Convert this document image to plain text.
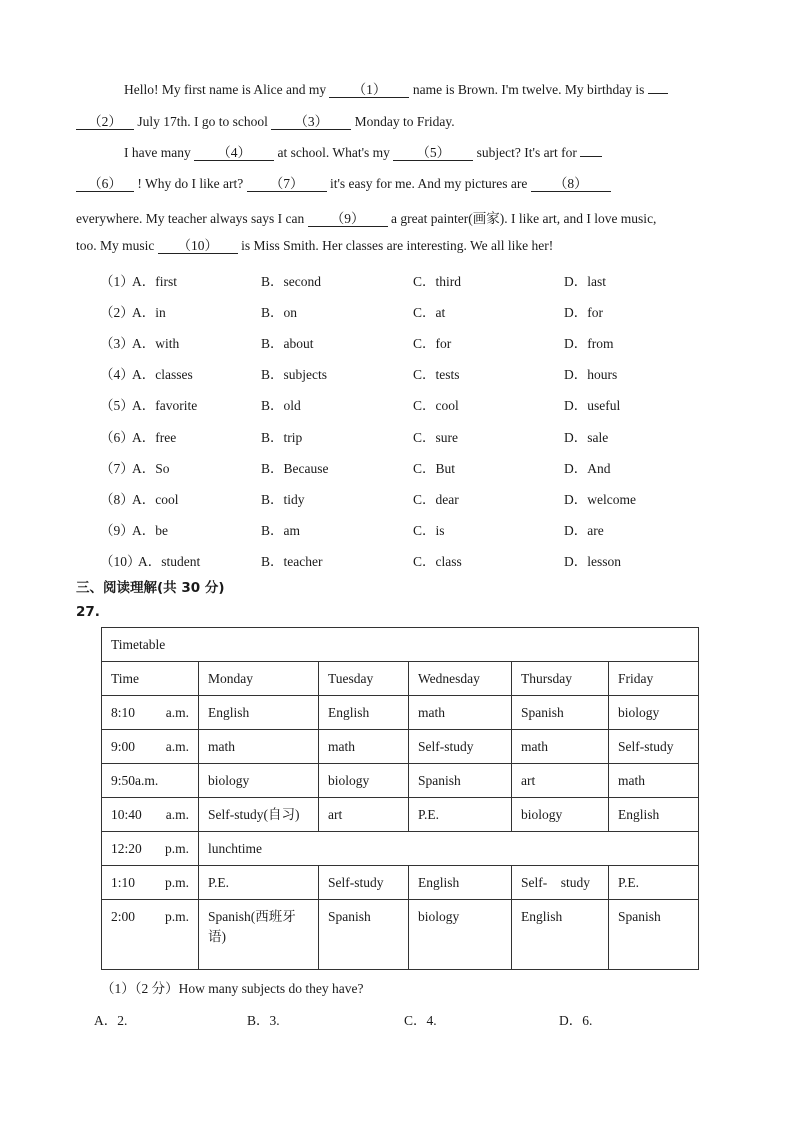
Hello! My first name is Alice and my （1） name is Brown. I'm twelve. My birthday is
（2） July 17th. I go to school （3） Monday to Friday.
I have many （4） at school. What's my （5） subject? It's art for
（6） ! Why do I like art? （7） it's easy for me. And my pictures are （8）
everywhere. My teacher always says I can （9） a great painter(画家). I like art, and I love music,
too. My music （10） is Miss Smith. Her classes are interesting. We all like her!
（1）
A．first	B．second	C．third	D．last
（2）
A．in	B．on	C．at	D．for
（3）
A．with	B．about	C．for	D．from
（4）
A．classes	B．subjects	C．tests	D．hours
（5）
A．favorite	B．old	C．cool	D．useful
（6）
A．free	B．trip	C．sure	D．sale
（7）
A．So	B．Because	C．But	D．And
（8）
A．cool	B．tidy	C．dear	D．welcome
（9）
A．be	B．am	C．is	D．are
（10）
A．student	B．teacher	C．class	D．lesson
三、阅读理解(共 30 分)
27.
Timetable					
Time	Monday	Tuesday	Wednesday	Thursday	Friday

8:10 a.m.	English	English	math	Spanish	biology

9:00 a.m.	math	math	Self-study	math	Self-study

9:50a.m.	biology	biology	Spanish	art	math

10:40 a.m.	Self-study(自习)	art	P.E.	biology	English

12:20 p.m.	lunchtime				

1:10 p.m.	P.E.	Self-study	English	Self-　study	P.E.

2:00 p.m.	Spanish(西班牙语)	Spanish	biology	English	Spanish
（1）（2 分）How many subjects do they have?
A．2.	B．3.	C．4.	D．6.
